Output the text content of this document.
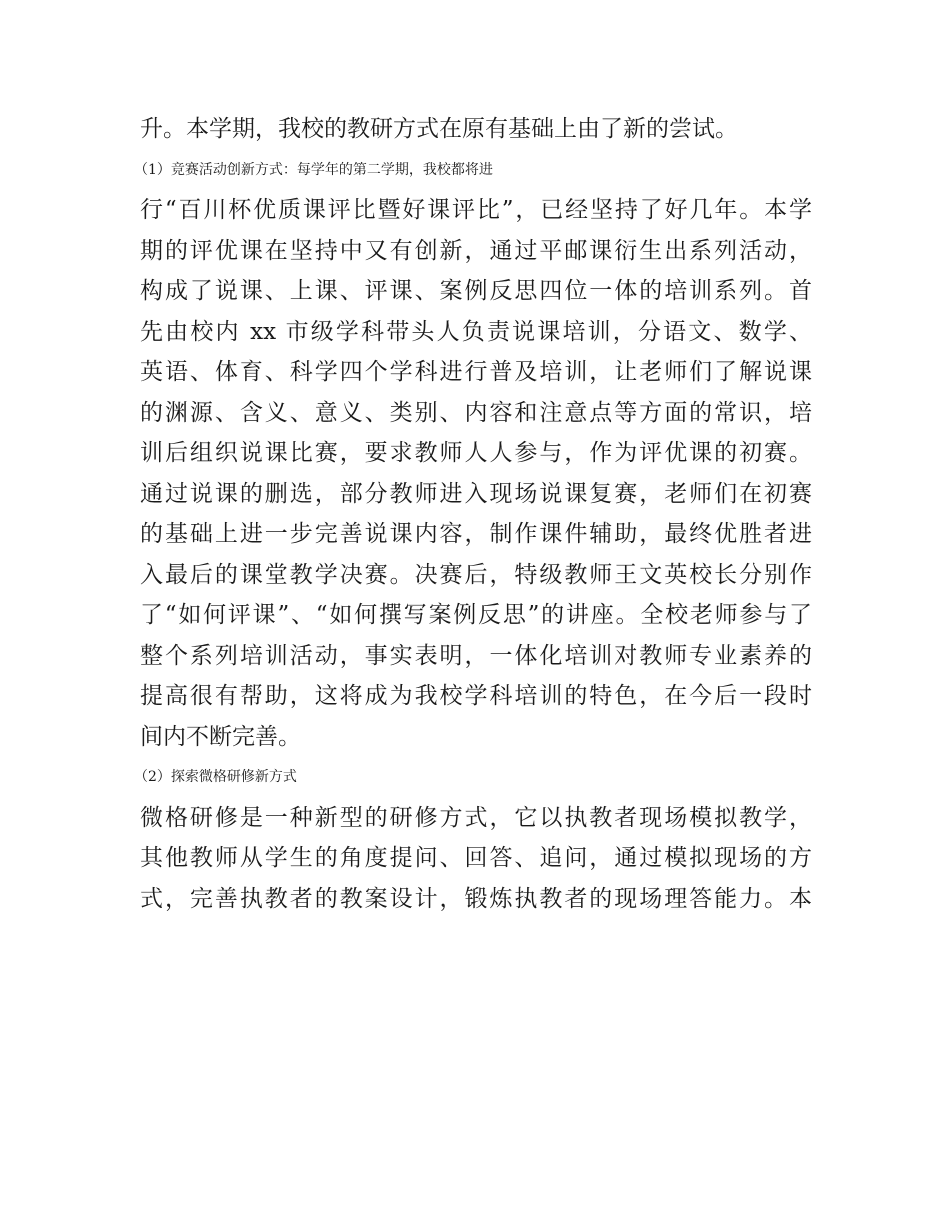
升。本学期，我校的教研方式在原有基础上由了新的尝试。
（1）竞赛活动创新方式：每学年的第二学期，我校都将进
行“百川杯优质课评比暨好课评比”，已经坚持了好几年。本学
期的评优课在坚持中又有创新，通过平邮课衍生出系列活动，
构成了说课、上课、评课、案例反思四位一体的培训系列。首
先由校内 xx 市级学科带头人负责说课培训，分语文、数学、
英语、体育、科学四个学科进行普及培训，让老师们了解说课
的渊源、含义、意义、类别、内容和注意点等方面的常识，培
训后组织说课比赛，要求教师人人参与，作为评优课的初赛。
通过说课的删选，部分教师进入现场说课复赛，老师们在初赛
的基础上进一步完善说课内容，制作课件辅助，最终优胜者进
入最后的课堂教学决赛。决赛后，特级教师王文英校长分别作
了“如何评课”、“如何撰写案例反思”的讲座。全校老师参与了
整个系列培训活动，事实表明，一体化培训对教师专业素养的
提高很有帮助，这将成为我校学科培训的特色，在今后一段时
间内不断完善。
（2）探索微格研修新方式
微格研修是一种新型的研修方式，它以执教者现场模拟教学，
其他教师从学生的角度提问、回答、追问，通过模拟现场的方
式，完善执教者的教案设计，锻炼执教者的现场理答能力。本
